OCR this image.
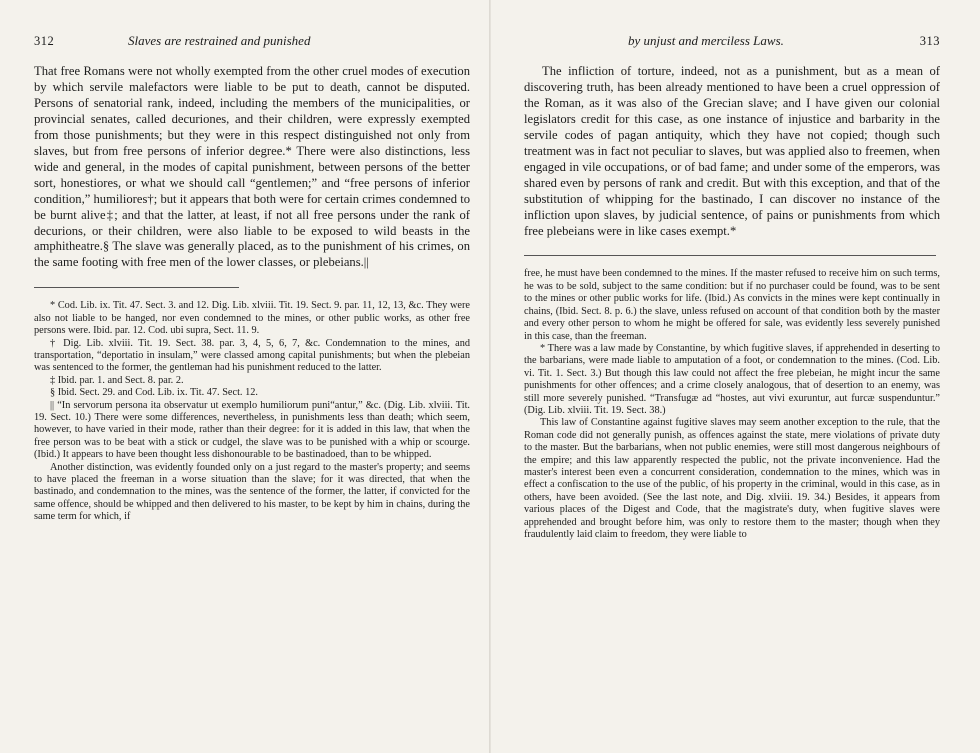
312	Slaves are restrained and punished

That free Romans were not wholly exempted from the other cruel modes of execution by which servile malefactors were liable to be put to death, cannot be disputed. Persons of senatorial rank, indeed, including the members of the municipalities, or provincial senates, called decuriones, and their children, were expressly exempted from those punishments; but they were in this respect distinguished not only from slaves, but from free persons of inferior degree.* There were also distinctions, less wide and general, in the modes of capital punishment, between persons of the better sort, honestiores, or what we should call “gentlemen;” and “free persons of inferior condition,” humiliores†; but it appears that both were for certain crimes condemned to be burnt alive‡; and that the latter, at least, if not all free persons under the rank of decurions, or their children, were also liable to be exposed to wild beasts in the amphitheatre.§ The slave was generally placed, as to the punishment of his crimes, on the same footing with free men of the lower classes, or plebeians.||

* Cod. Lib. ix. Tit. 47. Sect. 3. and 12. Dig. Lib. xlviii. Tit. 19. Sect. 9. par. 11, 12, 13, &c. They were also not liable to be hanged, nor even condemned to the mines, or other public works, as other free persons were. Ibid. par. 12. Cod. ubi supra, Sect. 11. 9.

† Dig. Lib. xlviii. Tit. 19. Sect. 38. par. 3, 4, 5, 6, 7, &c. Condemnation to the mines, and transportation, “deportatio in insulam,” were classed among capital punishments; but when the plebeian was sentenced to the former, the gentleman had his punishment reduced to the latter.

‡ Ibid. par. 1. and Sect. 8. par. 2.

§ Ibid. Sect. 29. and Cod. Lib. ix. Tit. 47. Sect. 12.

|| “In servorum persona ita observatur ut exemplo humiliorum puni“antur,” &c. (Dig. Lib. xlviii. Tit. 19. Sect. 10.) There were some differences, nevertheless, in punishments less than death; which seem, however, to have varied in their mode, rather than their degree: for it is added in this law, that when the free person was to be beat with a stick or cudgel, the slave was to be punished with a whip or scourge. (Ibid.) It appears to have been thought less dishonourable to be bastinadoed, than to be whipped.

Another distinction, was evidently founded only on a just regard to the master's property; and seems to have placed the freeman in a worse situation than the slave; for it was directed, that when the bastinado, and condemnation to the mines, was the sentence of the former, the latter, if convicted for the same offence, should be whipped and then delivered to his master, to be kept by him in chains, during the same term for which, if

by unjust and merciless Laws.	313

The infliction of torture, indeed, not as a punishment, but as a mean of discovering truth, has been already mentioned to have been a cruel oppression of the Roman, as it was also of the Grecian slave; and I have given our colonial legislators credit for this case, as one instance of injustice and barbarity in the servile codes of pagan antiquity, which they have not copied; though such treatment was in fact not peculiar to slaves, but was applied also to freemen, when engaged in vile occupations, or of bad fame; and under some of the emperors, was shared even by persons of rank and credit. But with this exception, and that of the substitution of whipping for the bastinado, I can discover no instance of the infliction upon slaves, by judicial sentence, of pains or punishments from which free plebeians were in like cases exempt.*

free, he must have been condemned to the mines. If the master refused to receive him on such terms, he was to be sold, subject to the same condition: but if no purchaser could be found, was to be sent to the mines or other public works for life. (Ibid.) As convicts in the mines were kept continually in chains, (Ibid. Sect. 8. p. 6.) the slave, unless refused on account of that condition both by the master and every other person to whom he might be offered for sale, was evidently less severely punished in this case, than the freeman.

* There was a law made by Constantine, by which fugitive slaves, if apprehended in deserting to the barbarians, were made liable to amputation of a foot, or condemnation to the mines. (Cod. Lib. vi. Tit. 1. Sect. 3.) But though this law could not affect the free plebeian, he might incur the same punishments for other offences; and a crime closely analogous, that of desertion to an enemy, was still more severely punished. “Transfugæ ad “hostes, aut vivi exuruntur, aut furcæ suspenduntur.” (Dig. Lib. xlviii. Tit. 19. Sect. 38.)

This law of Constantine against fugitive slaves may seem another exception to the rule, that the Roman code did not generally punish, as offences against the state, mere violations of private duty to the master. But the barbarians, when not public enemies, were still most dangerous neighbours of the empire; and this law apparently respected the public, not the private inconvenience. Had the master's interest been even a concurrent consideration, condemnation to the mines, which was in effect a confiscation to the use of the public, of his property in the criminal, would in this case, as in others, have been avoided. (See the last note, and Dig. xlviii. 19. 34.) Besides, it appears from various places of the Digest and Code, that the magistrate's duty, when fugitive slaves were apprehended and brought before him, was only to restore them to the master; though when they fraudulently laid claim to freedom, they were liable to
